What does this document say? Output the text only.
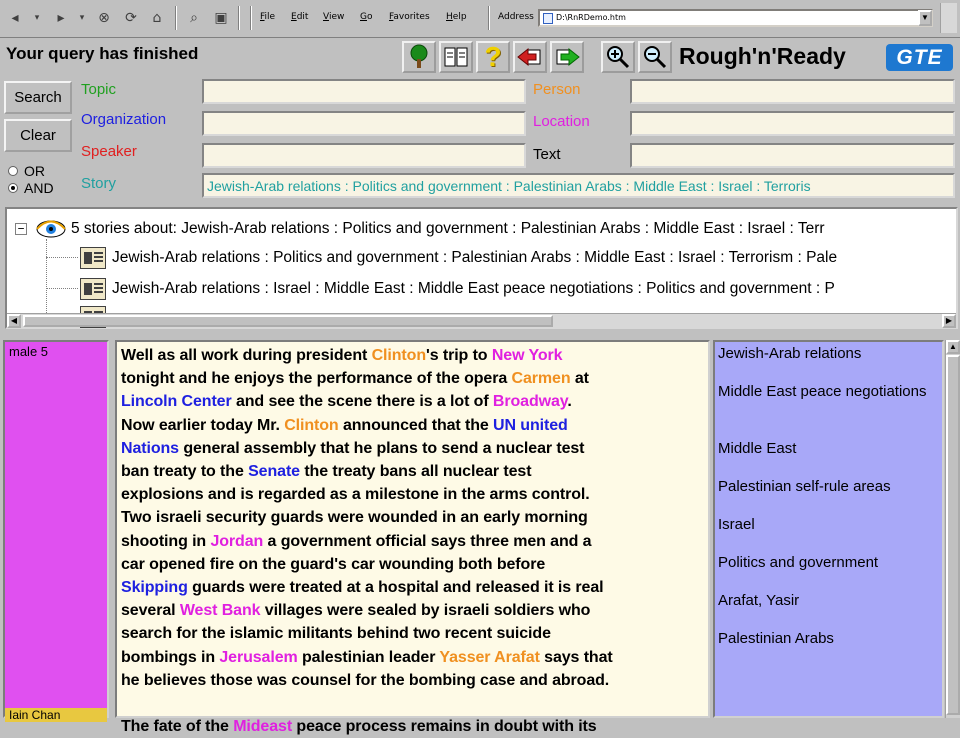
◂	▾	▸	▾ ⊗	⟳	⌂	⌕	▣	File Edit View Go Favorites Help	Address	D:\RnRDemo.htm	▼
Your query has finished	?	Rough'n'Ready	GTE
Search
Clear
OR
AND
Topic
Organization
Speaker
Story
Person
Location
Text
Jewish-Arab relations : Politics and government : Palestinian Arabs : Middle East : Israel : Terroris
−	5 stories about: Jewish-Arab relations : Politics and government : Palestinian Arabs : Middle East : Israel : Terr
Jewish-Arab relations : Politics and government : Palestinian Arabs : Middle East : Israel : Terrorism : Pale
Jewish-Arab relations : Israel : Middle East : Middle East peace negotiations : Politics and government : P
◀	▶
male 5
Iain Chan
Well as all work during president Clinton's trip to New York
tonight and he enjoys the performance of the opera Carmen at
Lincoln Center and see the scene there is a lot of Broadway.
Now earlier today Mr. Clinton announced that the UN united
Nations general assembly that he plans to send a nuclear test
ban treaty to the Senate the treaty bans all nuclear test
explosions and is regarded as a milestone in the arms control.
Two israeli security guards were wounded in an early morning
shooting in Jordan a government official says three men and a
car opened fire on the guard's car wounding both before
Skipping guards were treated at a hospital and released it is real
several West Bank villages were sealed by israeli soldiers who
search for the islamic militants behind two recent suicide
bombings in Jerusalem palestinian leader Yasser Arafat says that
he believes those was counsel for the bombing case and abroad.

The fate of the Mideast peace process remains in doubt with its
Jewish-Arab relations
Middle East peace negotiations
Middle East
Palestinian self-rule areas
Israel
Politics and government
Arafat, Yasir
Palestinian Arabs
▲
